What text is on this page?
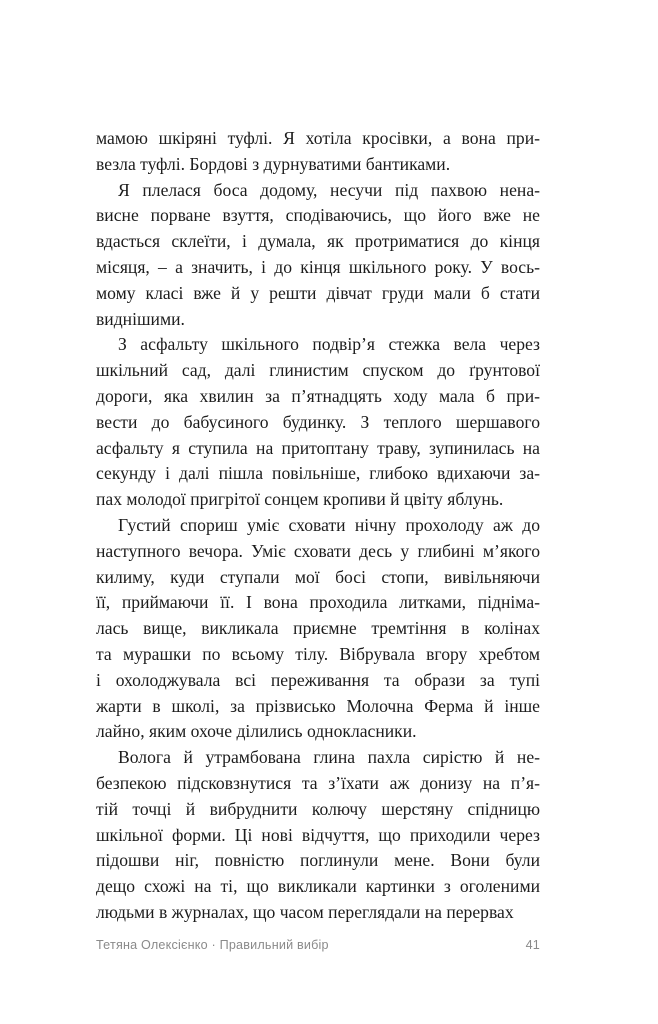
мамою шкіряні туфлі. Я хотіла кросівки, а вона при-
везла туфлі. Бордові з дурнуватими бантиками.
Я плелася боса додому, несучи під пахвою нена-
висне порване взуття, сподіваючись, що його вже не
вдасться склеїти, і думала, як протриматися до кінця
місяця, – а значить, і до кінця шкільного року. У вось-
мому класі вже й у решти дівчат груди мали б стати
виднішими.
З асфальту шкільного подвір’я стежка вела через
шкільний сад, далі глинистим спуском до ґрунтової
дороги, яка хвилин за п’ятнадцять ходу мала б при-
вести до бабусиного будинку. З теплого шершавого
асфальту я ступила на притоптану траву, зупинилась на
секунду і далі пішла повільніше, глибоко вдихаючи за-
пах молодої пригрітої сонцем кропиви й цвіту яблунь.
Густий спориш уміє сховати нічну прохолоду аж до
наступного вечора. Уміє сховати десь у глибині м’якого
килиму, куди ступали мої босі стопи, вивільняючи
її, приймаючи її. І вона проходила литками, підніма-
лась вище, викликала приємне тремтіння в колінах
та мурашки по всьому тілу. Вібрувала вгору хребтом
і охолоджувала всі переживання та образи за тупі
жарти в школі, за прізвисько Молочна Ферма й інше
лайно, яким охоче ділились однокласники.
Волога й утрамбована глина пахла сирістю й не-
безпекою підсковзнутися та з’їхати аж донизу на п’я-
тій точці й вибруднити колючу шерстяну спідницю
шкільної форми. Ці нові відчуття, що приходили через
підошви ніг, повністю поглинули мене. Вони були
дещо схожі на ті, що викликали картинки з оголеними
людьми в журналах, що часом переглядали на перервах
Тетяна Олексієнко · Правильний вибір	41
